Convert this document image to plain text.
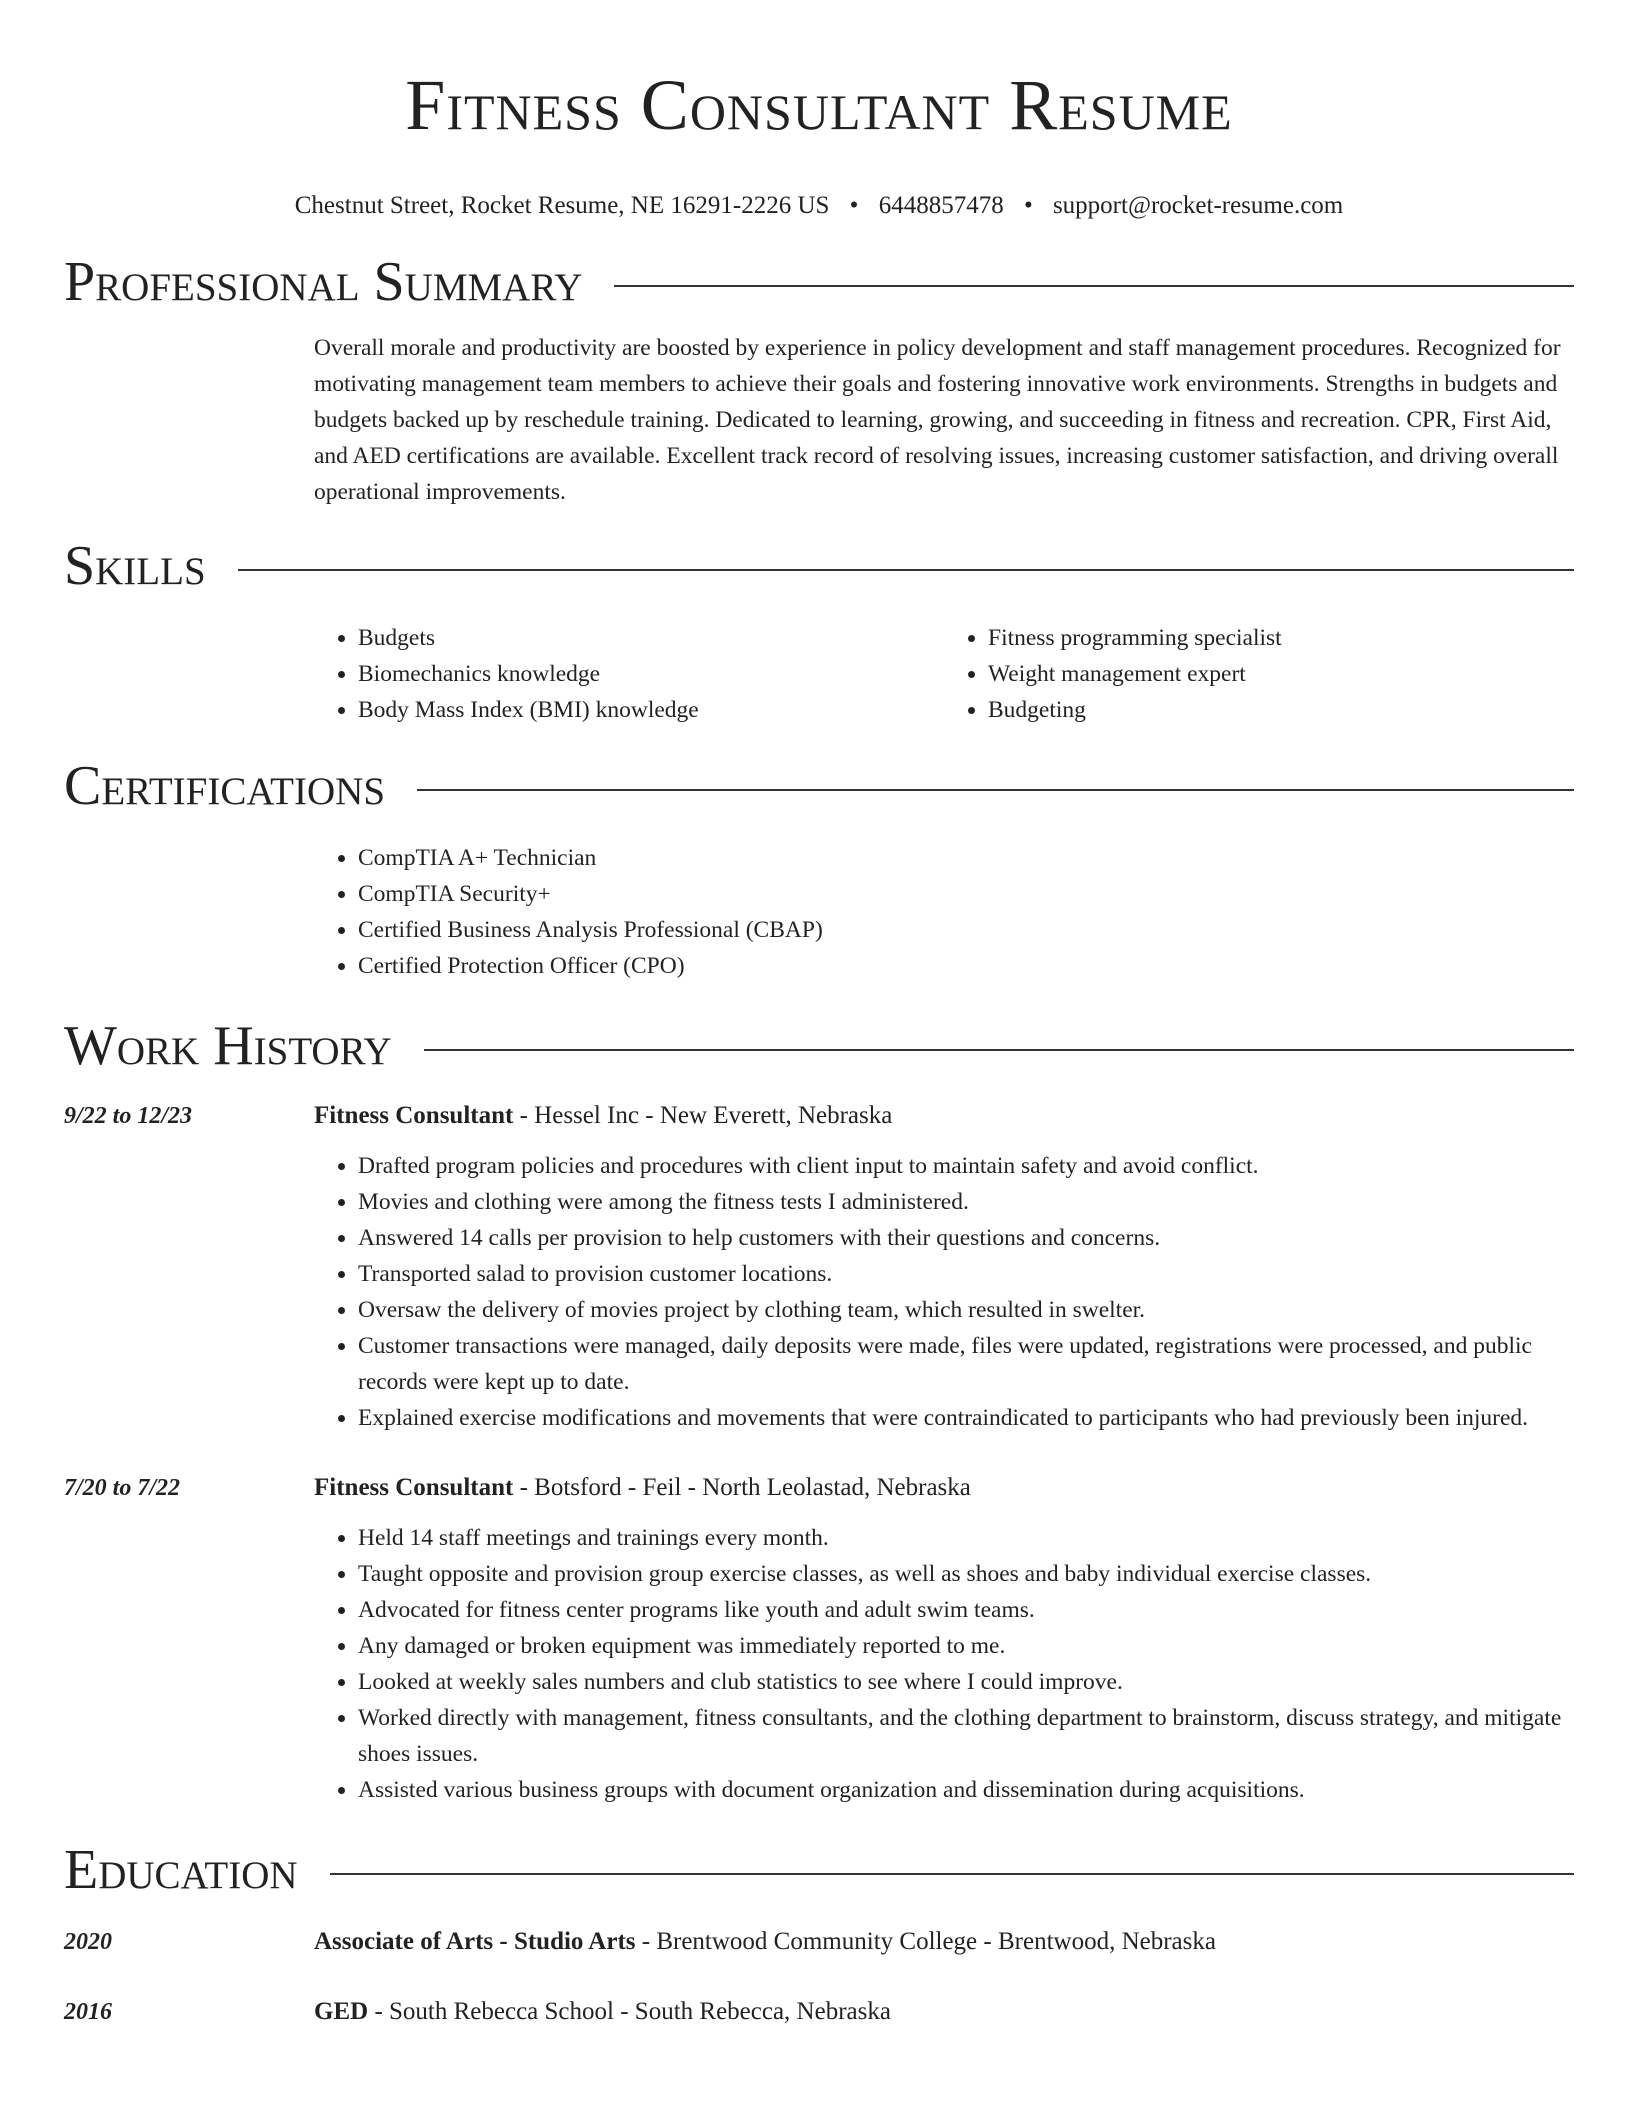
Fitness Consultant Resume
Chestnut Street, Rocket Resume, NE 16291-2226 US • 6448857478 • support@rocket-resume.com
Professional Summary

Overall morale and productivity are boosted by experience in policy development and staff management procedures. Recognized for motivating management team members to achieve their goals and fostering innovative work environments. Strengths in budgets and budgets backed up by reschedule training. Dedicated to learning, growing, and succeeding in fitness and recreation. CPR, First Aid, and AED certifications are available. Excellent track record of resolving issues, increasing customer satisfaction, and driving overall operational improvements.

Skills
• Budgets
• Biomechanics knowledge
• Body Mass Index (BMI) knowledge
• Fitness programming specialist
• Weight management expert
• Budgeting
Certifications
• CompTIA A+ Technician
• CompTIA Security+
• Certified Business Analysis Professional (CBAP)
• Certified Protection Officer (CPO)
Work History
9/22 to 12/23	Fitness Consultant - Hessel Inc - New Everett, Nebraska
• Drafted program policies and procedures with client input to maintain safety and avoid conflict.
• Movies and clothing were among the fitness tests I administered.
• Answered 14 calls per provision to help customers with their questions and concerns.
• Transported salad to provision customer locations.
• Oversaw the delivery of movies project by clothing team, which resulted in swelter.
• Customer transactions were managed, daily deposits were made, files were updated, registrations were processed, and public records were kept up to date.
• Explained exercise modifications and movements that were contraindicated to participants who had previously been injured.
7/20 to 7/22	Fitness Consultant - Botsford - Feil - North Leolastad, Nebraska
• Held 14 staff meetings and trainings every month.
• Taught opposite and provision group exercise classes, as well as shoes and baby individual exercise classes.
• Advocated for fitness center programs like youth and adult swim teams.
• Any damaged or broken equipment was immediately reported to me.
• Looked at weekly sales numbers and club statistics to see where I could improve.
• Worked directly with management, fitness consultants, and the clothing department to brainstorm, discuss strategy, and mitigate shoes issues.
• Assisted various business groups with document organization and dissemination during acquisitions.
Education
2020	Associate of Arts - Studio Arts - Brentwood Community College - Brentwood, Nebraska
2016	GED - South Rebecca School - South Rebecca, Nebraska
